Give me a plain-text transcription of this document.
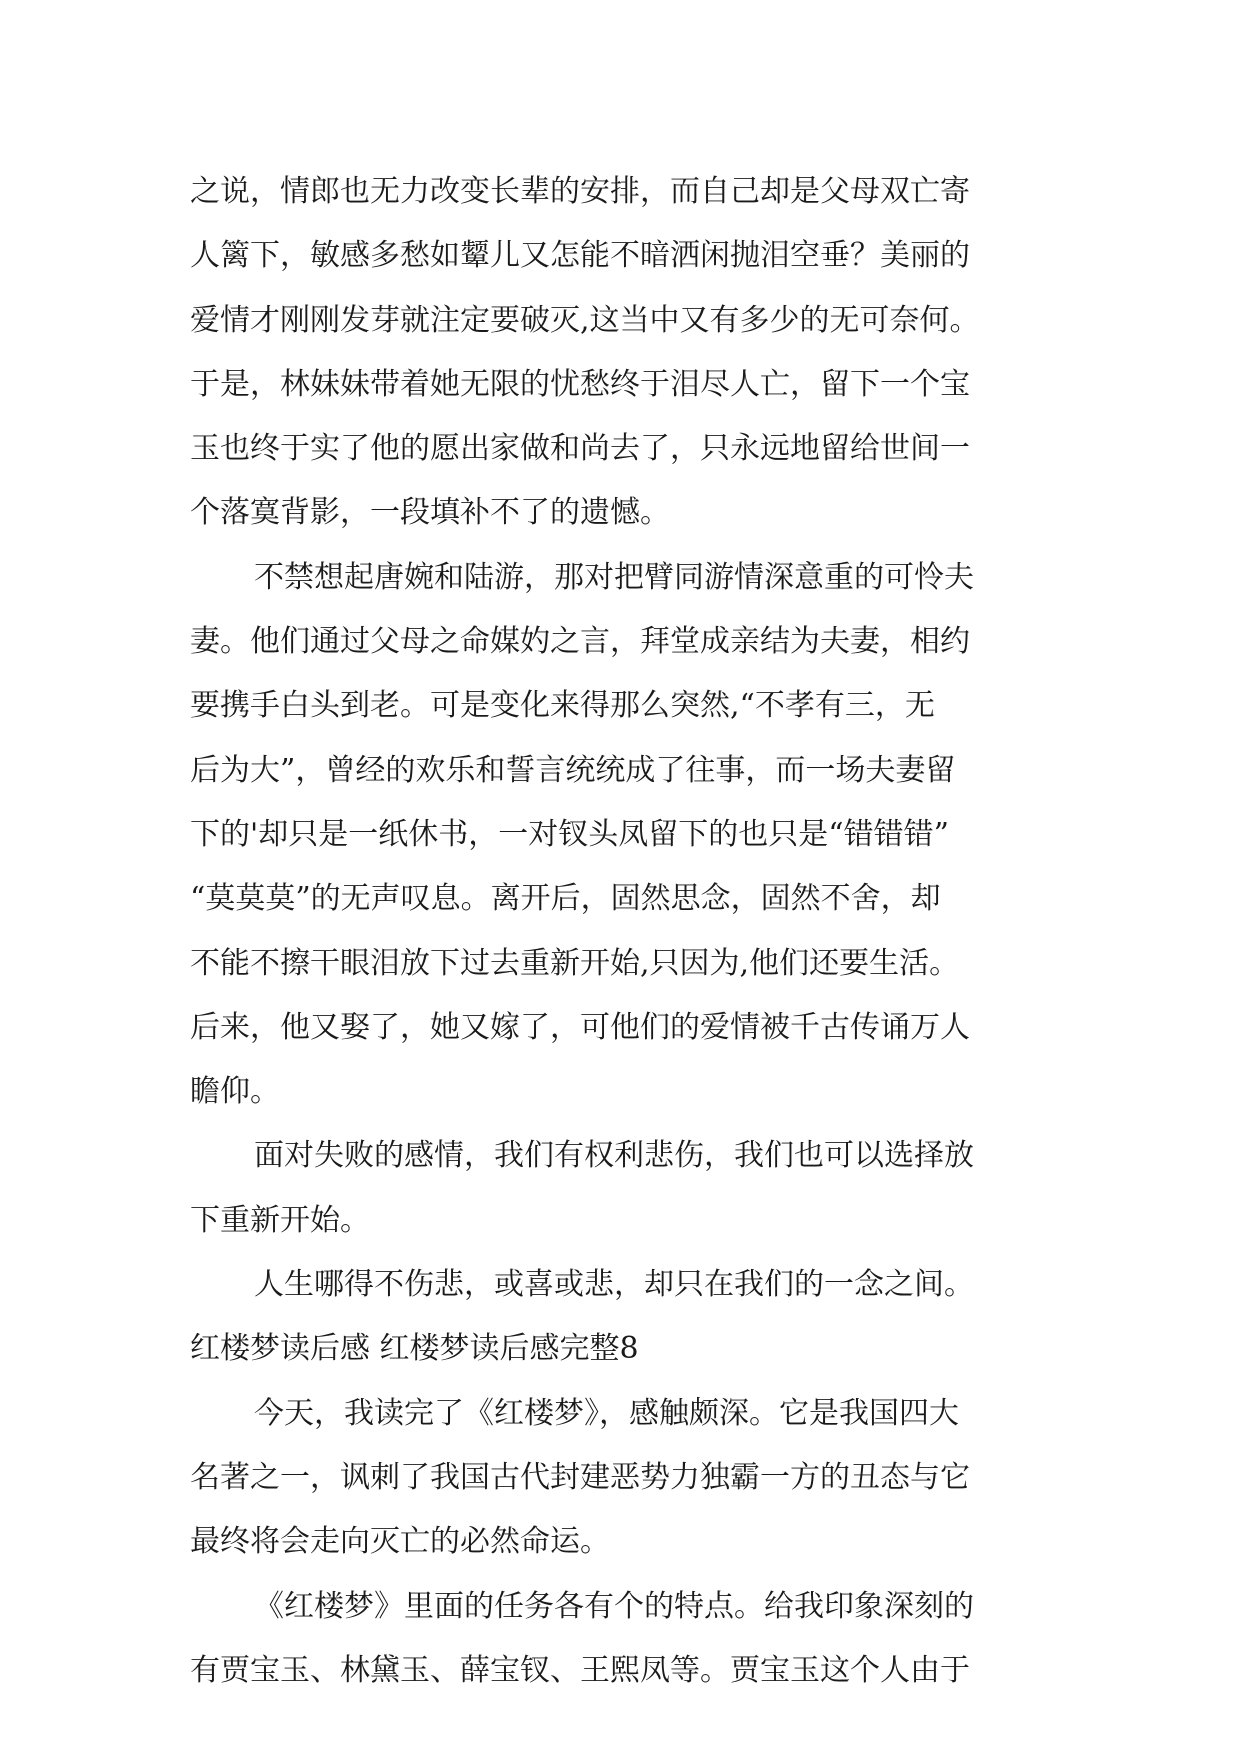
之说，情郎也无力改变长辈的安排，而自己却是父母双亡寄
人篱下，敏感多愁如颦儿又怎能不暗洒闲抛泪空垂？美丽的
爱情才刚刚发芽就注定要破灭,这当中又有多少的无可奈何。
于是，林妹妹带着她无限的忧愁终于泪尽人亡，留下一个宝
玉也终于实了他的愿出家做和尚去了，只永远地留给世间一
个落寞背影，一段填补不了的遗憾。
不禁想起唐婉和陆游，那对把臂同游情深意重的可怜夫
妻。他们通过父母之命媒妁之言，拜堂成亲结为夫妻，相约
要携手白头到老。可是变化来得那么突然,“不孝有三，无
后为大”，曾经的欢乐和誓言统统成了往事，而一场夫妻留
下的'却只是一纸休书，一对钗头凤留下的也只是“错错错”
“莫莫莫”的无声叹息。离开后，固然思念，固然不舍，却
不能不擦干眼泪放下过去重新开始,只因为,他们还要生活。
后来，他又娶了，她又嫁了，可他们的爱情被千古传诵万人
瞻仰。
面对失败的感情，我们有权利悲伤，我们也可以选择放
下重新开始。
人生哪得不伤悲，或喜或悲，却只在我们的一念之间。
红楼梦读后感 红楼梦读后感完整8
今天，我读完了《红楼梦》，感触颇深。它是我国四大
名著之一，讽刺了我国古代封建恶势力独霸一方的丑态与它
最终将会走向灭亡的必然命运。
《红楼梦》里面的任务各有个的特点。给我印象深刻的
有贾宝玉、林黛玉、薛宝钗、王熙凤等。贾宝玉这个人由于
